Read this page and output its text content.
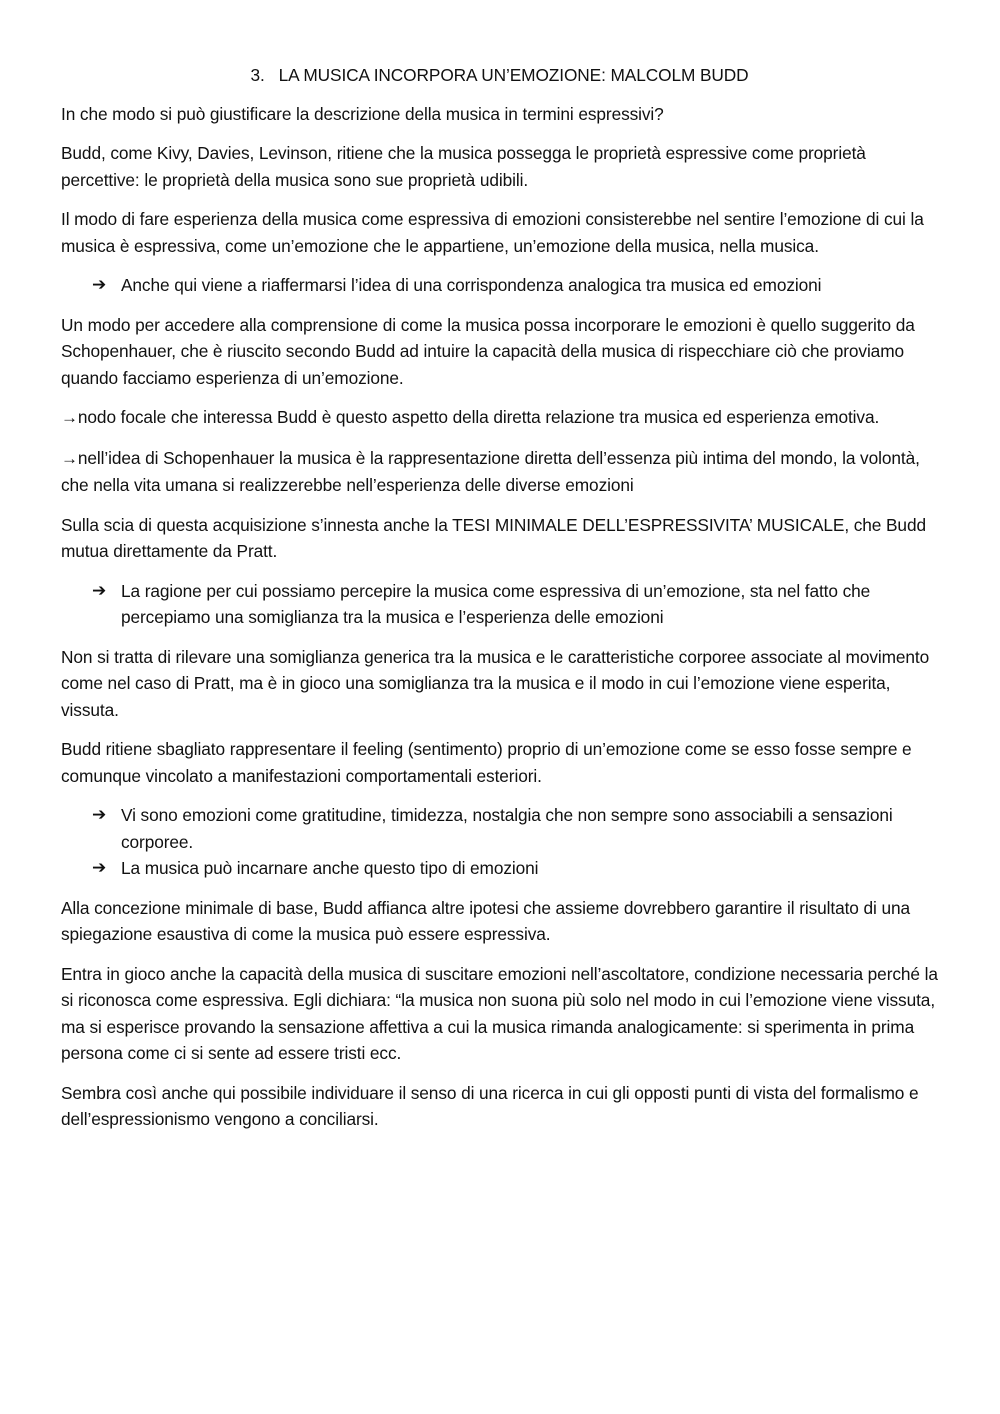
3. LA MUSICA INCORPORA UN’EMOZIONE: MALCOLM BUDD

In che modo si può giustificare la descrizione della musica in termini espressivi?

Budd, come Kivy, Davies, Levinson, ritiene che la musica possegga le proprietà espressive come proprietà percettive: le proprietà della musica sono sue proprietà udibili.

Il modo di fare esperienza della musica come espressiva di emozioni consisterebbe nel sentire l’emozione di cui la musica è espressiva, come un’emozione che le appartiene, un’emozione della musica, nella musica.

➔ Anche qui viene a riaffermarsi l’idea di una corrispondenza analogica tra musica ed emozioni

Un modo per accedere alla comprensione di come la musica possa incorporare le emozioni è quello suggerito da Schopenhauer, che è riuscito secondo Budd ad intuire la capacità della musica di rispecchiare ciò che proviamo quando facciamo esperienza di un’emozione.

→nodo focale che interessa Budd è questo aspetto della diretta relazione tra musica ed esperienza emotiva.

→nell’idea di Schopenhauer la musica è la rappresentazione diretta dell’essenza più intima del mondo, la volontà, che nella vita umana si realizzerebbe nell’esperienza delle diverse emozioni

Sulla scia di questa acquisizione s’innesta anche la TESI MINIMALE DELL’ESPRESSIVITA’ MUSICALE, che Budd mutua direttamente da Pratt.

➔ La ragione per cui possiamo percepire la musica come espressiva di un’emozione, sta nel fatto che percepiamo una somiglianza tra la musica e l’esperienza delle emozioni

Non si tratta di rilevare una somiglianza generica tra la musica e le caratteristiche corporee associate al movimento come nel caso di Pratt, ma è in gioco una somiglianza tra la musica e il modo in cui l’emozione viene esperita, vissuta.

Budd ritiene sbagliato rappresentare il feeling (sentimento) proprio di un’emozione come se esso fosse sempre e comunque vincolato a manifestazioni comportamentali esteriori.

➔ Vi sono emozioni come gratitudine, timidezza, nostalgia che non sempre sono associabili a sensazioni corporee.
➔ La musica può incarnare anche questo tipo di emozioni

Alla concezione minimale di base, Budd affianca altre ipotesi che assieme dovrebbero garantire il risultato di una spiegazione esaustiva di come la musica può essere espressiva.

Entra in gioco anche la capacità della musica di suscitare emozioni nell’ascoltatore, condizione necessaria perché la si riconosca come espressiva. Egli dichiara: “la musica non suona più solo nel modo in cui l’emozione viene vissuta, ma si esperisce provando la sensazione affettiva a cui la musica rimanda analogicamente: si sperimenta in prima persona come ci si sente ad essere tristi ecc.

Sembra così anche qui possibile individuare il senso di una ricerca in cui gli opposti punti di vista del formalismo e dell’espressionismo vengono a conciliarsi.
